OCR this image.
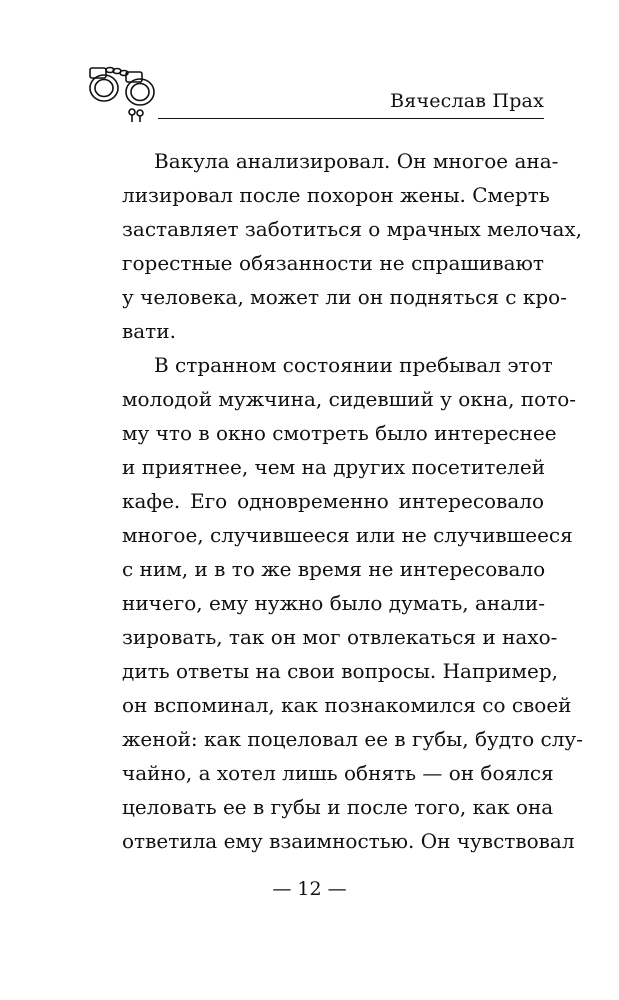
Вячеслав Прах
Вакула анализировал. Он многое ана-
лизировал после похорон жены. Смерть
заставляет заботиться о мрачных мелочах,
горестные обязанности не спрашивают
у человека, может ли он подняться с кро-
вати.
В странном состоянии пребывал этот
молодой мужчина, сидевший у окна, пото-
му что в окно смотреть было интереснее
и приятнее, чем на других посетителей
кафе. Его одновременно интересовало
многое, случившееся или не случившееся
с ним, и в то же время не интересовало
ничего, ему нужно было думать, анали-
зировать, так он мог отвлекаться и нахо-
дить ответы на свои вопросы. Например,
он вспоминал, как познакомился со своей
женой: как поцеловал ее в губы, будто слу-
чайно, а хотел лишь обнять — он боялся
целовать ее в губы и после того, как она
ответила ему взаимностью. Он чувствовал
— 12 —
